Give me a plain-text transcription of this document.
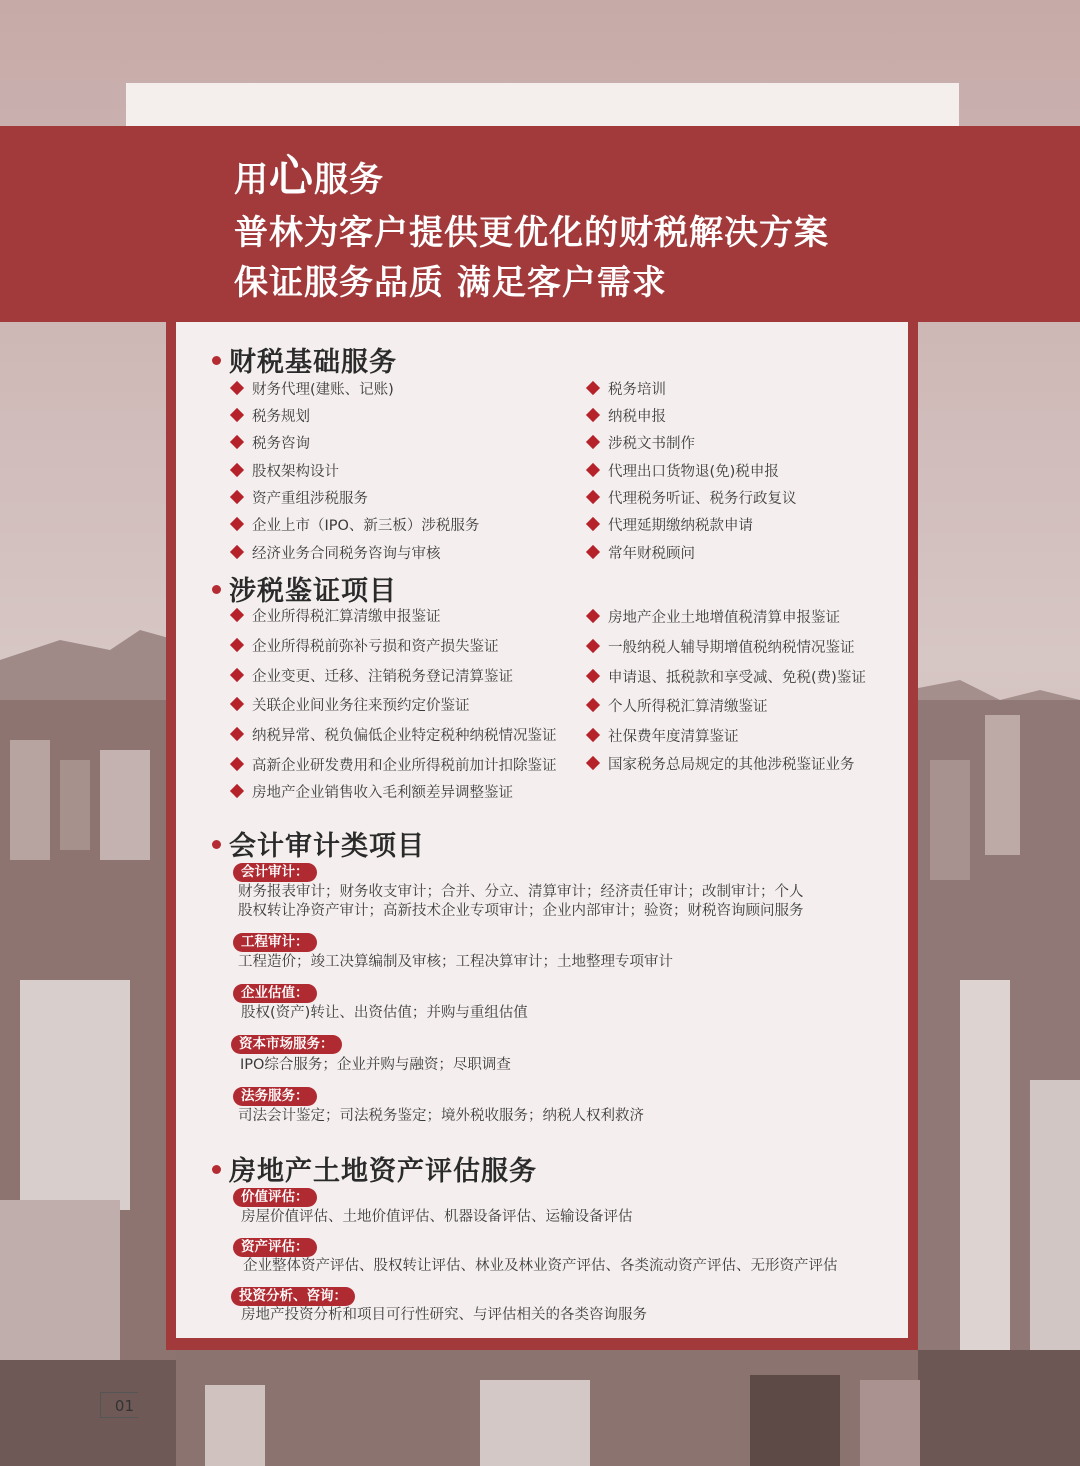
用心服务
普林为客户提供更优化的财税解决方案
保证服务品质 满足客户需求
财税基础服务
财务代理(建账、记账)
税务规划
税务咨询
股权架构设计
资产重组涉税服务
企业上市（IPO、新三板）涉税服务
经济业务合同税务咨询与审核
税务培训
纳税申报
涉税文书制作
代理出口货物退(免)税申报
代理税务听证、税务行政复议
代理延期缴纳税款申请
常年财税顾问
涉税鉴证项目
企业所得税汇算清缴申报鉴证
企业所得税前弥补亏损和资产损失鉴证
企业变更、迁移、注销税务登记清算鉴证
关联企业间业务往来预约定价鉴证
纳税异常、税负偏低企业特定税种纳税情况鉴证
高新企业研发费用和企业所得税前加计扣除鉴证
房地产企业销售收入毛利额差异调整鉴证
房地产企业土地增值税清算申报鉴证
一般纳税人辅导期增值税纳税情况鉴证
申请退、抵税款和享受减、免税(费)鉴证
个人所得税汇算清缴鉴证
社保费年度清算鉴证
国家税务总局规定的其他涉税鉴证业务
会计审计类项目
会计审计：
财务报表审计；财务收支审计；合并、分立、清算审计；经济责任审计；改制审计；个人
股权转让净资产审计；高新技术企业专项审计；企业内部审计；验资；财税咨询顾问服务
工程审计：
工程造价；竣工决算编制及审核；工程决算审计；土地整理专项审计
企业估值：
股权(资产)转让、出资估值；并购与重组估值
资本市场服务：
IPO综合服务；企业并购与融资；尽职调查
法务服务：
司法会计鉴定；司法税务鉴定；境外税收服务；纳税人权利救济
房地产土地资产评估服务
价值评估：
房屋价值评估、土地价值评估、机器设备评估、运输设备评估
资产评估：
企业整体资产评估、股权转让评估、林业及林业资产评估、各类流动资产评估、无形资产评估
投资分析、咨询：
房地产投资分析和项目可行性研究、与评估相关的各类咨询服务
01
